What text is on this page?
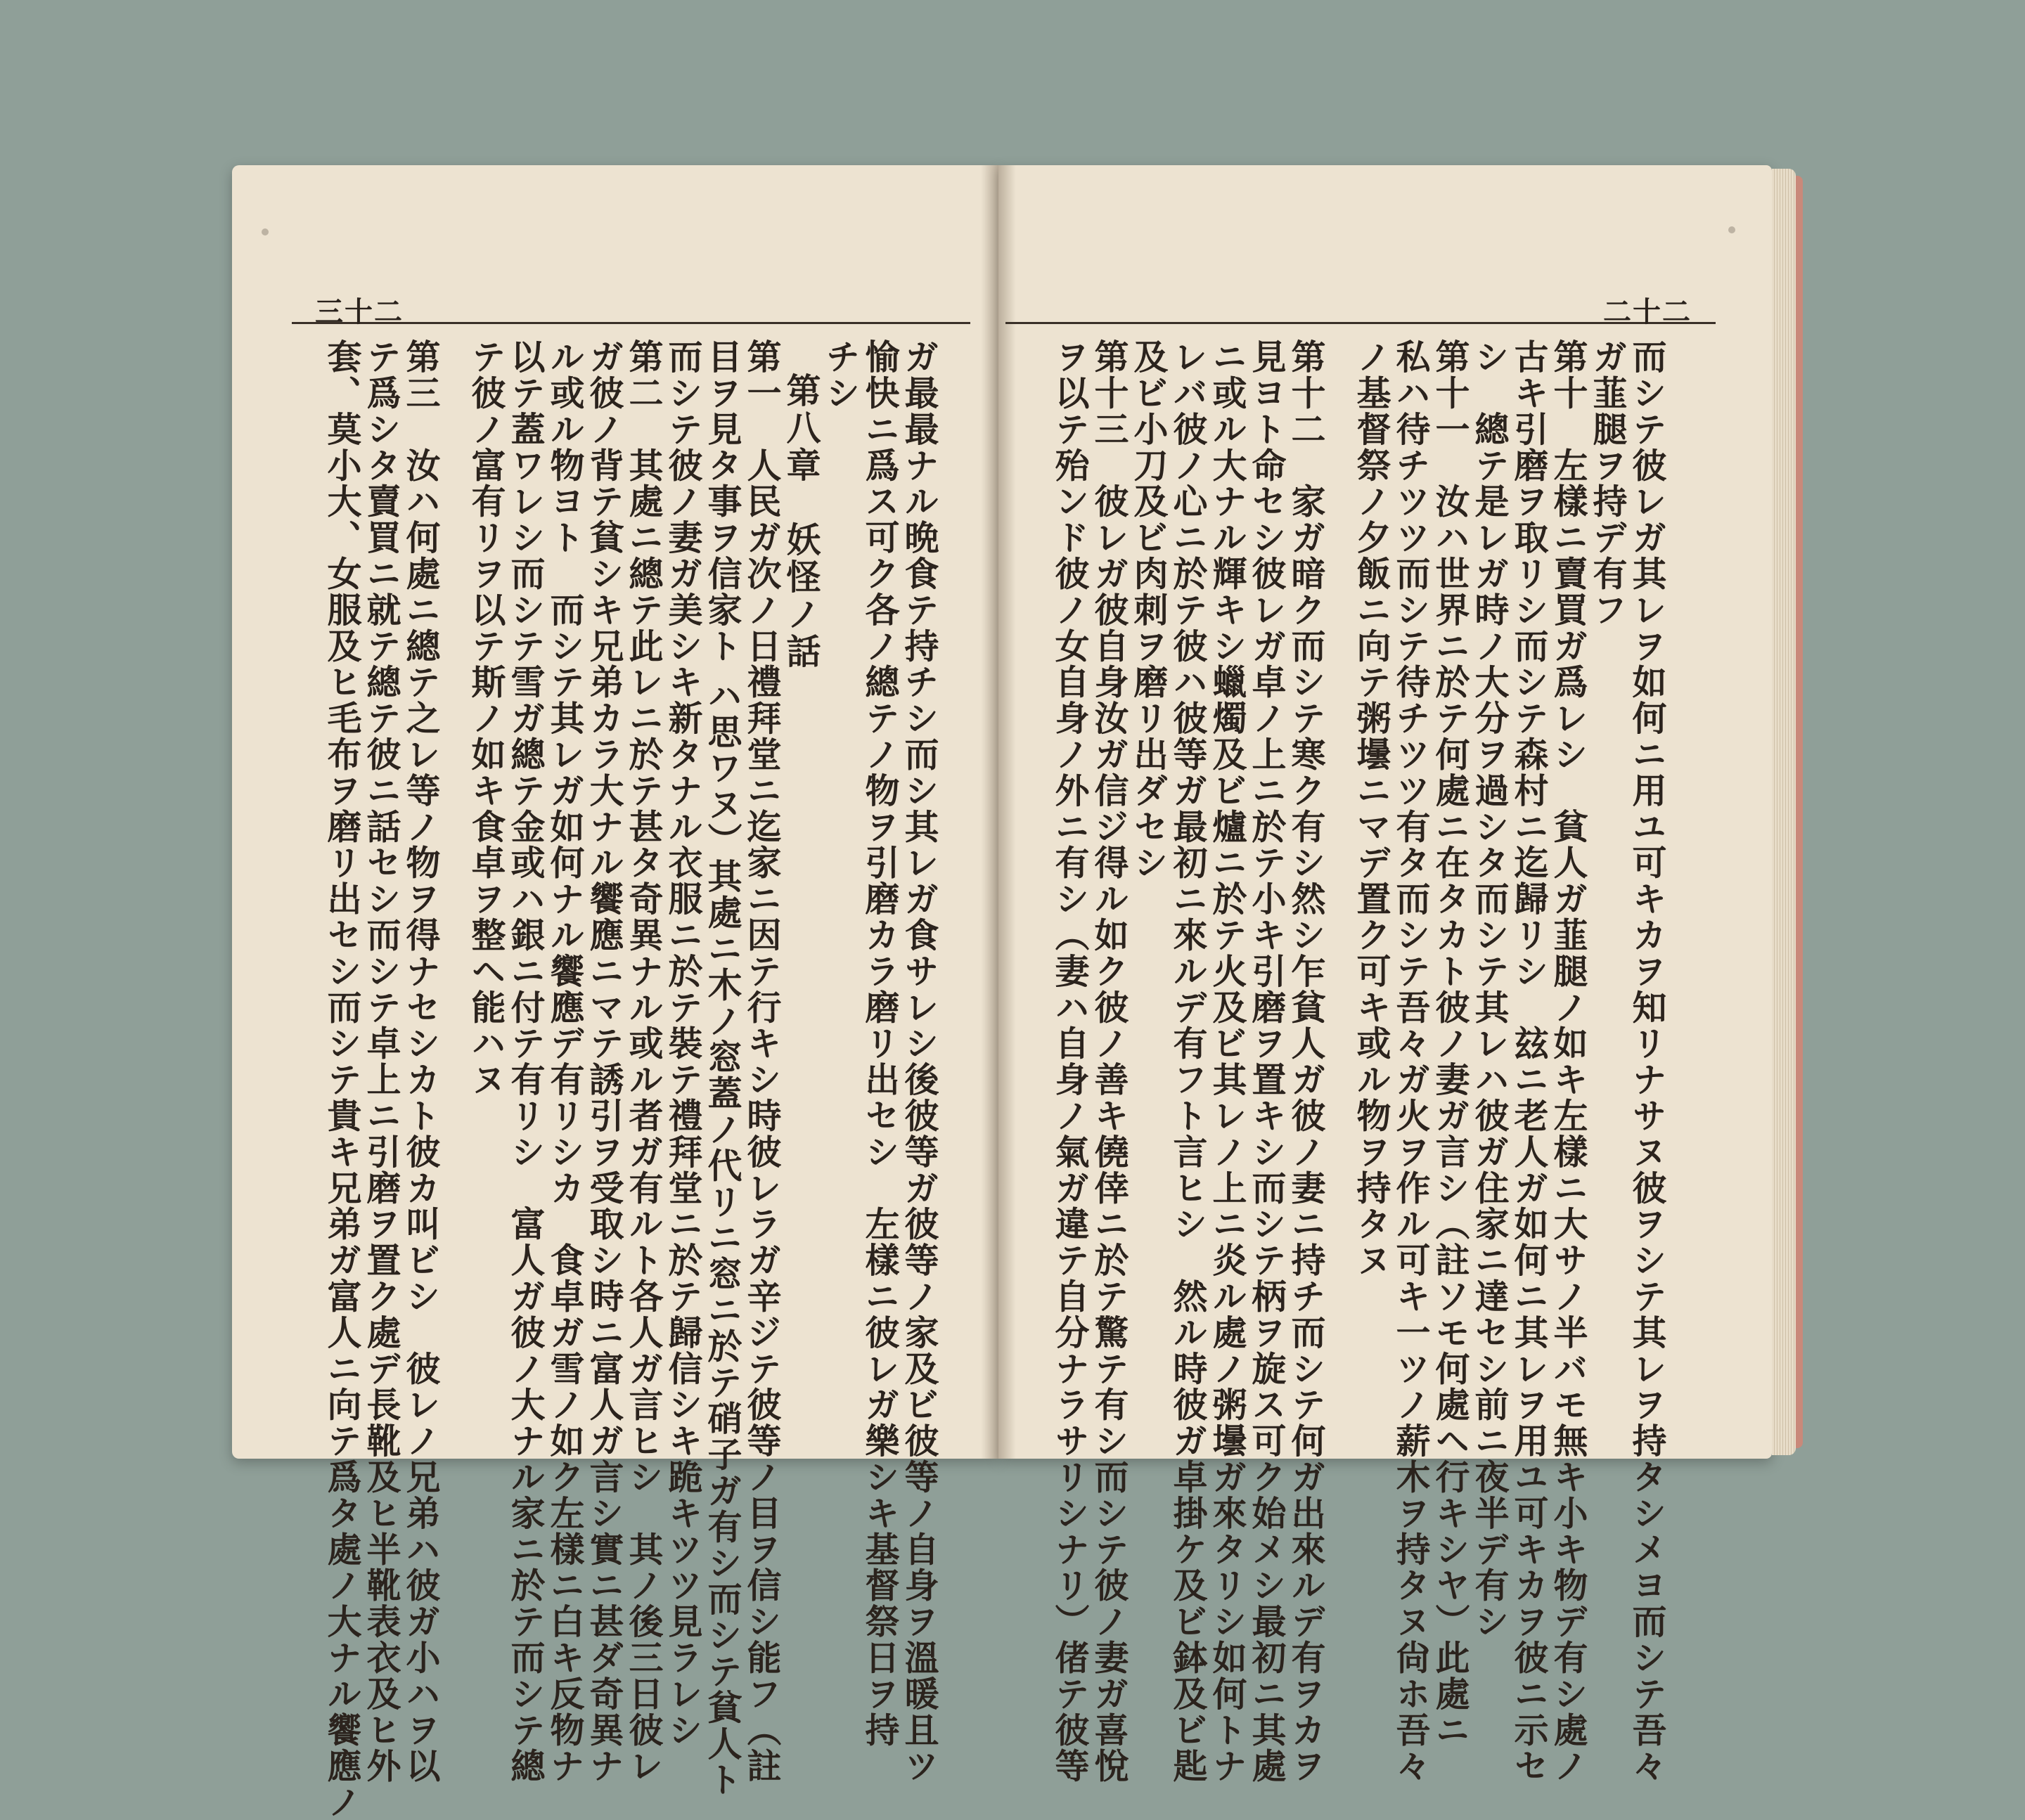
三十二	二十二
而シテ彼レガ其レヲ如何ニ用ユ可キカヲ知リナサヌ彼ヲシテ其レヲ持タシメヨ而シテ吾々
ガ韮腿ヲ持デ有フ
第十　左樣ニ賣買ガ爲レシ　貧人ガ韮腿ノ如キ左樣ニ大サノ半バモ無キ小キ物デ有シ處ノ
古キ引磨ヲ取リシ而シテ森村ニ迄歸リシ　玆ニ老人ガ如何ニ其レヲ用ユ可キカヲ彼ニ示セ
シ　總テ是レガ時ノ大分ヲ過シタ而シテ其レハ彼ガ住家ニ達セシ前ニ夜半デ有シ
第十一　汝ハ世界ニ於テ何處ニ在タカト彼ノ妻ガ言シ（註ソモ何處ヘ行キシヤ）此處ニ
私ハ待チツツ而シテ待チツツ有タ而シテ吾々ガ火ヲ作ル可キ一ツノ薪木ヲ持タヌ尙ホ吾々
ノ基督祭ノ夕飯ニ向テ粥壜ニマデ置ク可キ或ル物ヲ持タヌ
第十二　家ガ暗ク而シテ寒ク有シ然シ乍貧人ガ彼ノ妻ニ持チ而シテ何ガ出來ルデ有ヲカヲ
見ヨト命セシ彼レガ卓ノ上ニ於テ小キ引磨ヲ置キシ而シテ柄ヲ旋ス可ク始メシ最初ニ其處
ニ或ル大ナル輝キシ蠟燭及ビ爐ニ於テ火及ビ其レノ上ニ炎ル處ノ粥壜ガ來タリシ如何トナ
レバ彼ノ心ニ於テ彼ハ彼等ガ最初ニ來ルデ有フト言ヒシ　然ル時彼ガ卓掛ケ及ビ鉢及ビ匙
及ビ小刀及ビ肉刺ヲ磨リ出ダセシ
第十三　彼レガ彼自身汝ガ信ジ得ル如ク彼ノ善キ僥倖ニ於テ驚テ有シ而シテ彼ノ妻ガ喜悅
ヲ以テ殆ンド彼ノ女自身ノ外ニ有シ（妻ハ自身ノ氣ガ違テ自分ナラサリシナリ）偖テ彼等
ガ最最ナル晩食テ持チシ而シ其レガ食サレシ後彼等ガ彼等ノ家及ビ彼等ノ自身ヲ溫暖且ツ
愉快ニ爲ス可ク各ノ總テノ物ヲ引磨カラ磨リ出セシ　左樣ニ彼レガ樂シキ基督祭日ヲ持
チシ
第八章　妖怪ノ話
第一　人民ガ次ノ日禮拜堂ニ迄家ニ因テ行キシ時彼レラガ辛ジテ彼等ノ目ヲ信シ能フ（註
目ヲ見タ事ヲ信家ト ハ思ワヌ）其處ニ木ノ窓蓋ノ代リニ窓ニ於テ硝子ガ有シ而シテ貧人ト
而シテ彼ノ妻ガ美シキ新タナル衣服ニ於テ裝テ禮拜堂ニ於テ歸信シキ跪キツツ見ラレシ
第二　其處ニ總テ此レニ於テ甚タ奇異ナル或ル者ガ有ルト各人ガ言ヒシ　其ノ後三日彼レ
ガ彼ノ背テ貧シキ兄弟カラ大ナル饗應ニマテ誘引ヲ受取シ時ニ富人ガ言シ實ニ甚ダ奇異ナ
ル或ル物ヨト　而シテ其レガ如何ナル饗應デ有リシカ　食卓ガ雪ノ如ク左樣ニ白キ反物ナ
以テ蓋ワレシ而シテ雪ガ總テ金或ハ銀ニ付テ有リシ　富人ガ彼ノ大ナル家ニ於テ而シテ總
テ彼ノ富有リヲ以テ斯ノ如キ食卓ヲ整ヘ能ハヌ
第三　汝ハ何處ニ總テ之レ等ノ物ヲ得ナセシカト彼カ叫ビシ　彼レノ兄弟ハ彼ガ小ハヲ以
テ爲シタ賣買ニ就テ總テ彼ニ話セシ而シテ卓上ニ引磨ヲ置ク處デ長靴及ヒ半靴表衣及ヒ外
套、莫小大、女服及ヒ毛布ヲ磨リ出セシ而シテ貴キ兄弟ガ富人ニ向テ爲タ處ノ大ナル饗應ノ
